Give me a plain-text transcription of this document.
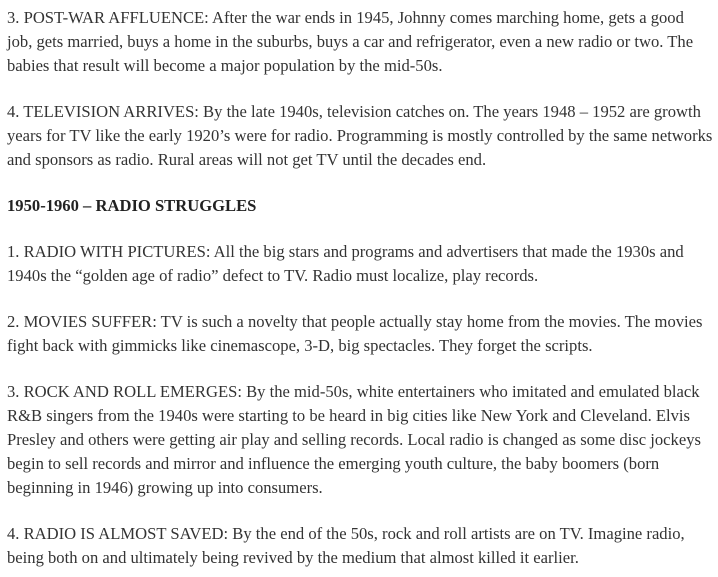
3. POST-WAR AFFLUENCE: After the war ends in 1945, Johnny comes marching home, gets a good job, gets married, buys a home in the suburbs, buys a car and refrigerator, even a new radio or two. The babies that result will become a major population by the mid-50s.

4. TELEVISION ARRIVES: By the late 1940s, television catches on. The years 1948 – 1952 are growth years for TV like the early 1920’s were for radio. Programming is mostly controlled by the same networks and sponsors as radio. Rural areas will not get TV until the decades end.

1950-1960 – RADIO STRUGGLES

1. RADIO WITH PICTURES: All the big stars and programs and advertisers that made the 1930s and 1940s the “golden age of radio” defect to TV. Radio must localize, play records.

2. MOVIES SUFFER: TV is such a novelty that people actually stay home from the movies. The movies fight back with gimmicks like cinemascope, 3-D, big spectacles. They forget the scripts.

3. ROCK AND ROLL EMERGES: By the mid-50s, white entertainers who imitated and emulated black R&B singers from the 1940s were starting to be heard in big cities like New York and Cleveland. Elvis Presley and others were getting air play and selling records. Local radio is changed as some disc jockeys begin to sell records and mirror and influence the emerging youth culture, the baby boomers (born beginning in 1946) growing up into consumers.

4. RADIO IS ALMOST SAVED: By the end of the 50s, rock and roll artists are on TV. Imagine radio, being both on and ultimately being revived by the medium that almost killed it earlier.
